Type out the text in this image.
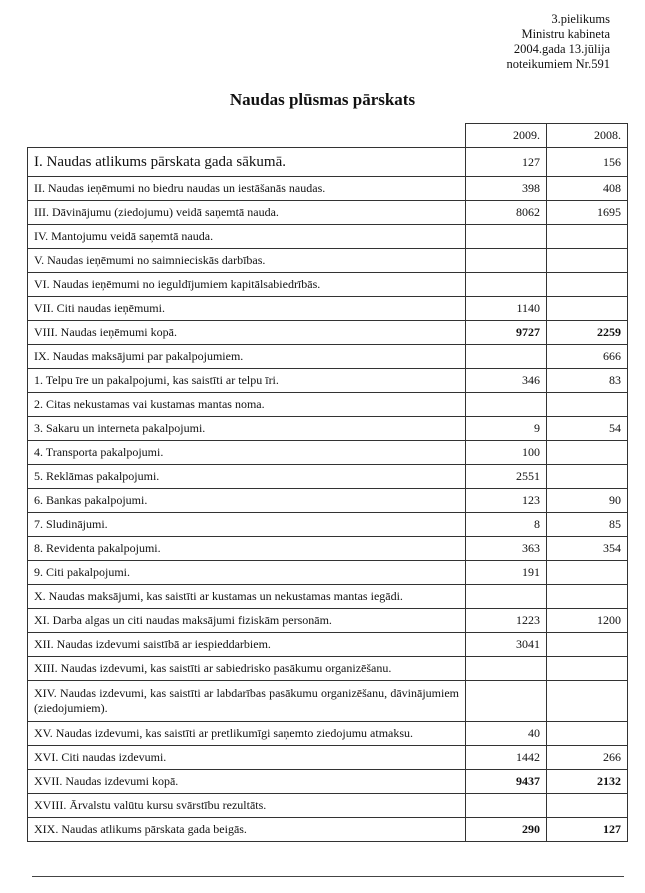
3.pielikums
Ministru kabineta
2004.gada 13.jūlija
noteikumiem Nr.591
Naudas plūsmas pārskats
	2009.	2008.
I. Naudas atlikums pārskata gada sākumā.	127	156
II. Naudas ieņēmumi no biedru naudas un iestāšanās naudas.	398	408
III. Dāvinājumu (ziedojumu) veidā saņemtā nauda.	8062	1695
IV. Mantojumu veidā saņemtā nauda.		
V. Naudas ieņēmumi no saimnieciskās darbības.		
VI. Naudas ieņēmumi no ieguldījumiem kapitālsabiedrībās.		
VII. Citi naudas ieņēmumi.	1140	
VIII. Naudas ieņēmumi kopā.	9727	2259
IX. Naudas maksājumi par pakalpojumiem.		666
1. Telpu īre un pakalpojumi, kas saistīti ar telpu īri.	346	83
2. Citas nekustamas vai kustamas mantas noma.		
3. Sakaru un interneta pakalpojumi.	9	54
4. Transporta pakalpojumi.	100	
5. Reklāmas pakalpojumi.	2551	
6. Bankas pakalpojumi.	123	90
7. Sludinājumi.	8	85
8. Revidenta pakalpojumi.	363	354
9. Citi pakalpojumi.	191	
X. Naudas maksājumi, kas saistīti ar kustamas un nekustamas mantas iegādi.		
XI. Darba algas un citi naudas maksājumi fiziskām personām.	1223	1200
XII. Naudas izdevumi saistībā ar iespieddarbiem.	3041	
XIII. Naudas izdevumi, kas saistīti ar sabiedrisko pasākumu organizēšanu.		
XIV. Naudas izdevumi, kas saistīti ar labdarības pasākumu organizēšanu, dāvinājumiem (ziedojumiem).		
XV. Naudas izdevumi, kas saistīti ar pretlikumīgi saņemto ziedojumu atmaksu.	40	
XVI. Citi naudas izdevumi.	1442	266
XVII. Naudas izdevumi kopā.	9437	2132
XVIII. Ārvalstu valūtu kursu svārstību rezultāts.		
XIX. Naudas atlikums pārskata gada beigās.	290	127
